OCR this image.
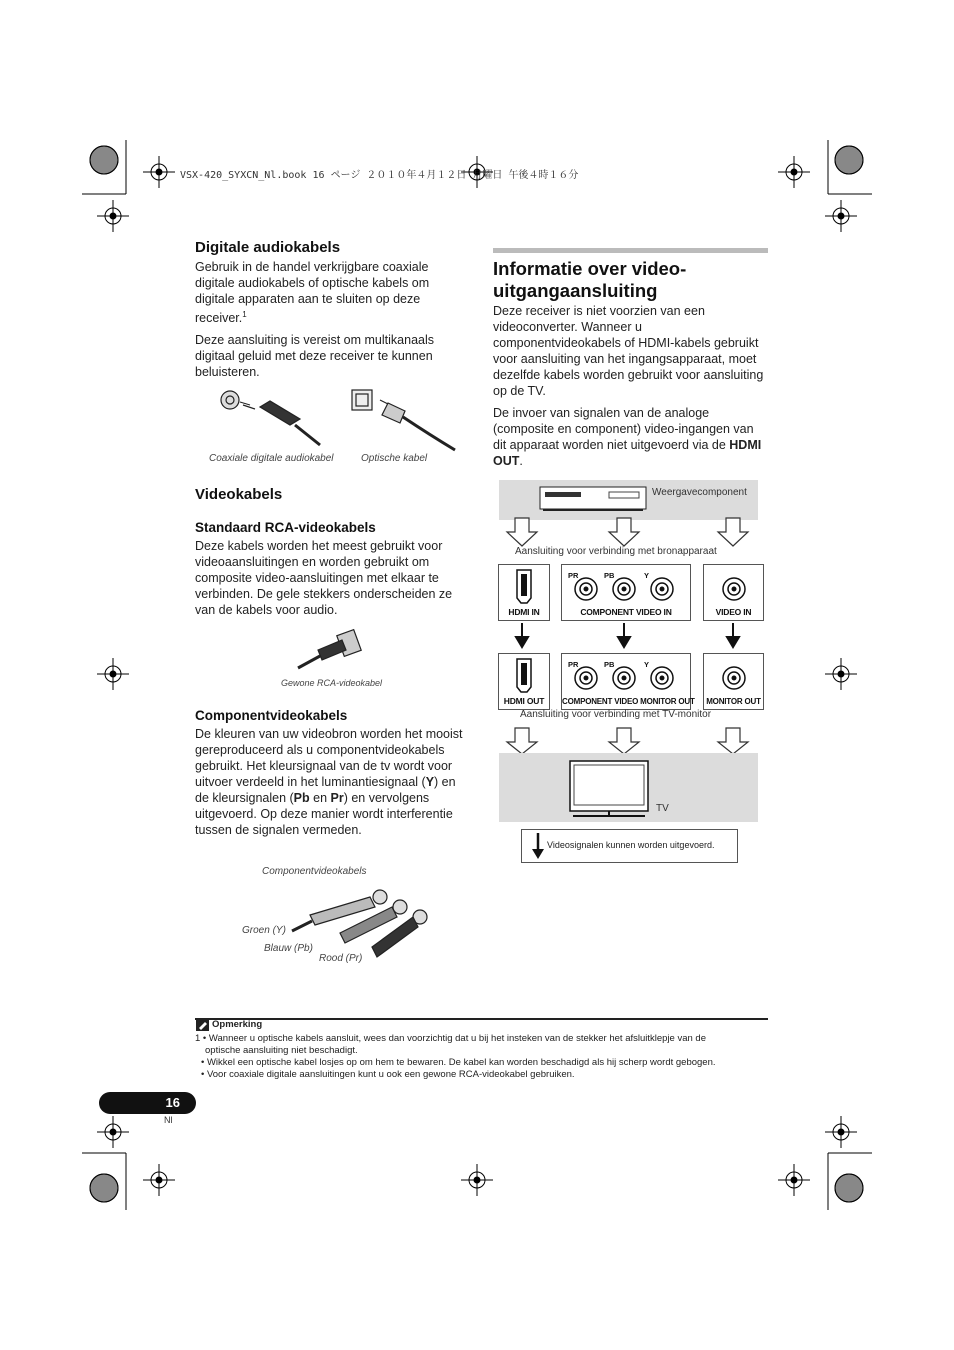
VSX-420_SYXCN_Nl.book 16 ページ ２０１０年４月１２日 月曜日 午後４時１６分
Digitale audiokabels

Gebruik in de handel verkrijgbare coaxiale digitale audiokabels of optische kabels om digitale apparaten aan te sluiten op deze receiver.$^1$

Deze aansluiting is vereist om multikanaals digitaal geluid met deze receiver te kunnen beluisteren.

Coaxiale digitale audiokabel	Optische kabel
Videokabels
Standaard RCA-videokabels

Deze kabels worden het meest gebruikt voor videoaansluitingen en worden gebruikt om composite video-aansluitingen met elkaar te verbinden. De gele stekkers onderscheiden ze van de kabels voor audio.

Gewone RCA-videokabel
Componentvideokabels

De kleuren van uw videobron worden het mooist gereproduceerd als u componentvideokabels gebruikt. Het kleursignaal van de tv wordt voor uitvoer verdeeld in het luminantiesignaal (Y) en de kleursignalen (Pb en Pr) en vervolgens uitgevoerd. Op deze manier wordt interferentie tussen de signalen vermeden.

Componentvideokabels
Groen (Y)
Blauw (Pb)
Rood (Pr)
Informatie over video-uitgangaansluiting

Deze receiver is niet voorzien van een videoconverter. Wanneer u componentvideokabels of HDMI-kabels gebruikt voor aansluiting van het ingangsapparaat, moet dezelfde kabels worden gebruikt voor aansluiting op de TV.

De invoer van signalen van de analoge (composite en component) video-ingangen van dit apparaat worden niet uitgevoerd via de HDMI OUT.

Weergavecomponent
Aansluiting voor verbinding met bronapparaat
HDMI IN
PR	PB	Y
COMPONENT VIDEO IN	VIDEO IN
HDMI OUT
PR	PB	Y
COMPONENT VIDEO MONITOR OUT MONITOR OUT
Aansluiting voor verbinding met TV-monitor
TV
Videosignalen kunnen worden uitgevoerd.
Opmerking

1 • Wanneer u optische kabels aansluit, wees dan voorzichtig dat u bij het insteken van de stekker het afsluitklepje van de

optische aansluiting niet beschadigt.

• Wikkel een optische kabel losjes op om hem te bewaren. De kabel kan worden beschadigd als hij scherp wordt gebogen.

• Voor coaxiale digitale aansluitingen kunt u ook een gewone RCA-videokabel gebruiken.

16
Nl
